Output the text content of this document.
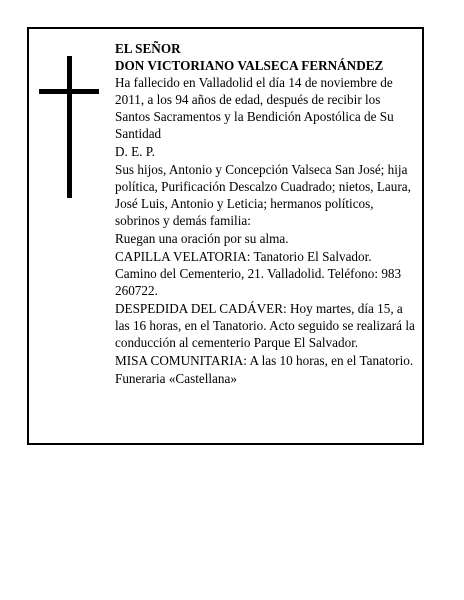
EL SEÑOR

DON VICTORIANO VALSECA FERNÁNDEZ

Ha fallecido en Valladolid el día 14 de noviembre de 2011, a los 94 años de edad, después de recibir los Santos Sacramentos y la Bendición Apostólica de Su Santidad

D. E. P.

Sus hijos, Antonio y Concepción Valseca San José; hija política, Purificación Descalzo Cuadrado; nietos, Laura, José Luis, Antonio y Leticia; hermanos políticos, sobrinos y demás familia:

Ruegan una oración por su alma.

CAPILLA VELATORIA: Tanatorio El Salvador. Camino del Cementerio, 21. Valladolid. Teléfono: 983 260722.

DESPEDIDA DEL CADÁVER: Hoy martes, día 15, a las 16 horas, en el Tanatorio. Acto seguido se realizará la conducción al cementerio Parque El Salvador.

MISA COMUNITARIA: A las 10 horas, en el Tanatorio.

Funeraria «Castellana»
